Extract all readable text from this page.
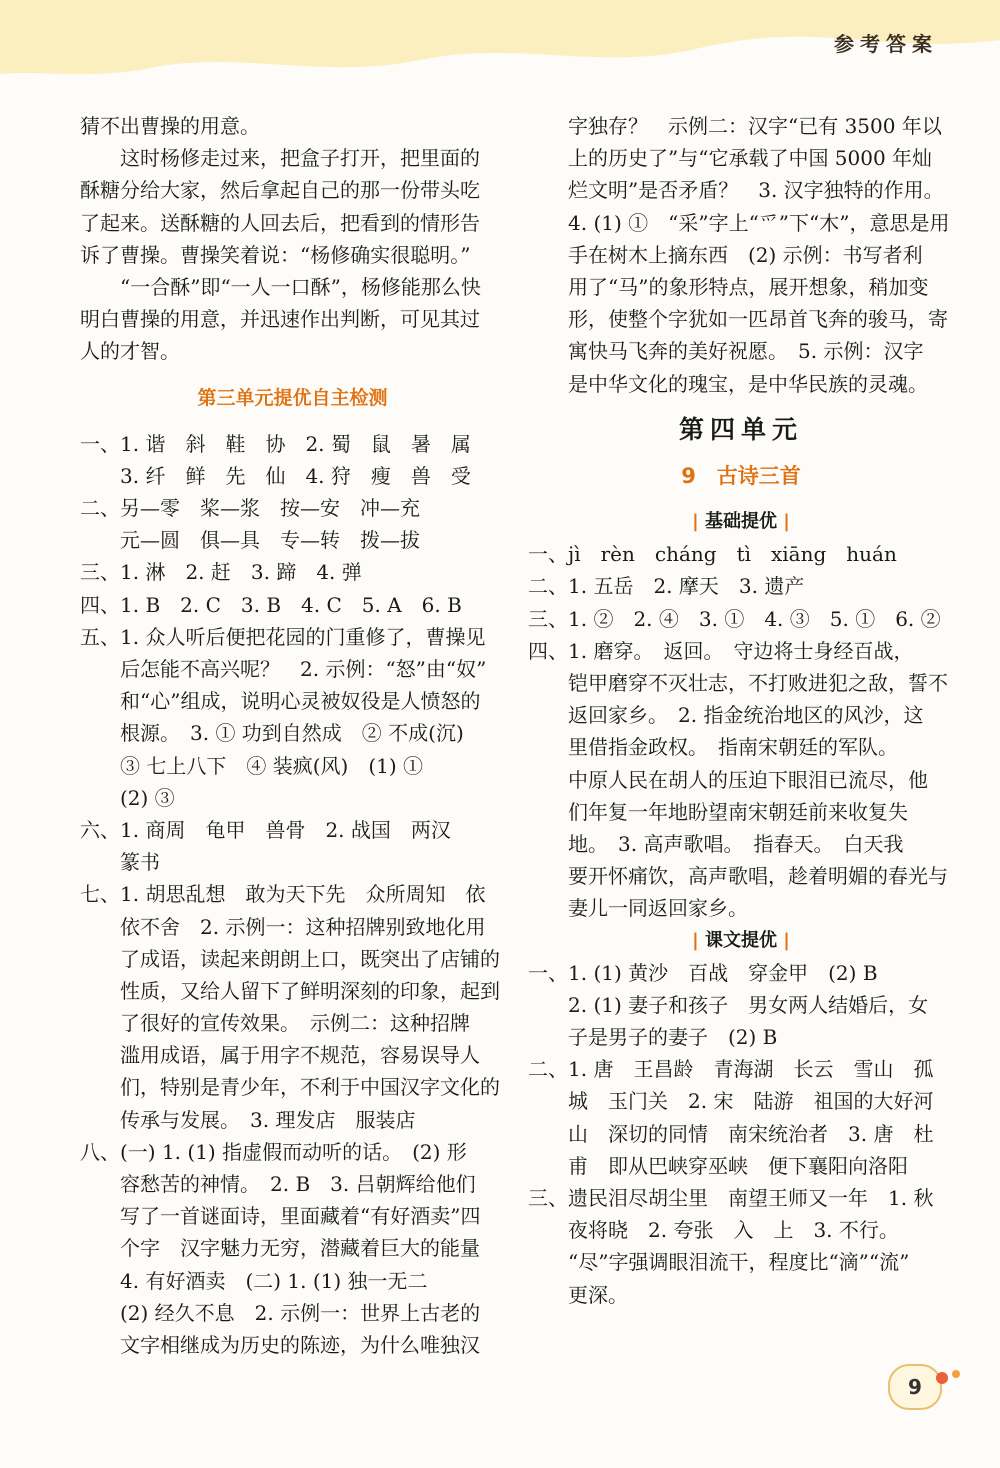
参考答案
猜不出曹操的用意。
　　这时杨修走过来，把盒子打开，把里面的
酥糖分给大家，然后拿起自己的那一份带头吃
了起来。送酥糖的人回去后，把看到的情形告
诉了曹操。曹操笑着说：“杨修确实很聪明。”
　　“一合酥”即“一人一口酥”，杨修能那么快
明白曹操的用意，并迅速作出判断，可见其过
人的才智。
第三单元提优自主检测
一、1. 谐　斜　鞋　协　2. 蜀　鼠　暑　属
　　3. 纤　鲜　先　仙　4. 狩　瘦　兽　受
二、另—零　桨—浆　按—安　冲—充
　　元—圆　俱—具　专—转　拨—拔
三、1. 淋　2. 赶　3. 蹄　4. 弹
四、1. B　2. C　3. B　4. C　5. A　6. B
五、1. 众人听后便把花园的门重修了，曹操见
　　后怎能不高兴呢？　2. 示例：“怒”由“奴”
　　和“心”组成，说明心灵被奴役是人愤怒的
　　根源。　3. ① 功到自然成　② 不成(沉)
　　③ 七上八下　④ 装疯(风)　(1) ①
　　(2) ③
六、1. 商周　龟甲　兽骨　2. 战国　两汉
　　篆书
七、1. 胡思乱想　敢为天下先　众所周知　依
　　依不舍　2. 示例一：这种招牌别致地化用
　　了成语，读起来朗朗上口，既突出了店铺的
　　性质，又给人留下了鲜明深刻的印象，起到
　　了很好的宣传效果。　示例二：这种招牌
　　滥用成语，属于用字不规范，容易误导人
　　们，特别是青少年，不利于中国汉字文化的
　　传承与发展。　3. 理发店　服装店
八、(一) 1. (1) 指虚假而动听的话。　(2) 形
　　容愁苦的神情。　2. B　3. 吕朝辉给他们
　　写了一首谜面诗，里面藏着“有好酒卖”四
　　个字　汉字魅力无穷，潜藏着巨大的能量
　　4. 有好酒卖　(二) 1. (1) 独一无二
　　(2) 经久不息　2. 示例一：世界上古老的
　　文字相继成为历史的陈迹，为什么唯独汉
　　字独存？　示例二：汉字“已有 3500 年以
　　上的历史了”与“它承载了中国 5000 年灿
　　烂文明”是否矛盾？　3. 汉字独特的作用。
　　4. (1) ①　“采”字上“爫”下“木”，意思是用
　　手在树木上摘东西　(2) 示例：书写者利
　　用了“马”的象形特点，展开想象，稍加变
　　形，使整个字犹如一匹昂首飞奔的骏马，寄
　　寓快马飞奔的美好祝愿。　5. 示例：汉字
　　是中华文化的瑰宝，是中华民族的灵魂。
第四单元
9　古诗三首
| 基础提优 |
一、jì　rèn　cháng　tì　xiāng　huán
二、1. 五岳　2. 摩天　3. 遗产
三、1. ②　2. ④　3. ①　4. ③　5. ①　6. ②
四、1. 磨穿。　返回。　守边将士身经百战，
　　铠甲磨穿不灭壮志，不打败进犯之敌，誓不
　　返回家乡。　2. 指金统治地区的风沙，这
　　里借指金政权。　指南宋朝廷的军队。
　　中原人民在胡人的压迫下眼泪已流尽，他
　　们年复一年地盼望南宋朝廷前来收复失
　　地。　3. 高声歌唱。　指春天。　白天我
　　要开怀痛饮，高声歌唱，趁着明媚的春光与
　　妻儿一同返回家乡。
| 课文提优 |
一、1. (1) 黄沙　百战　穿金甲　(2) B
　　2. (1) 妻子和孩子　男女两人结婚后，女
　　子是男子的妻子　(2) B
二、1. 唐　王昌龄　青海湖　长云　雪山　孤
　　城　玉门关　2. 宋　陆游　祖国的大好河
　　山　深切的同情　南宋统治者　3. 唐　杜
　　甫　即从巴峡穿巫峡　便下襄阳向洛阳
三、遗民泪尽胡尘里　南望王师又一年　1. 秋
　　夜将晓　2. 夸张　入　上　3. 不行。
　　“尽”字强调眼泪流干，程度比“滴”“流”
　　更深。
9
